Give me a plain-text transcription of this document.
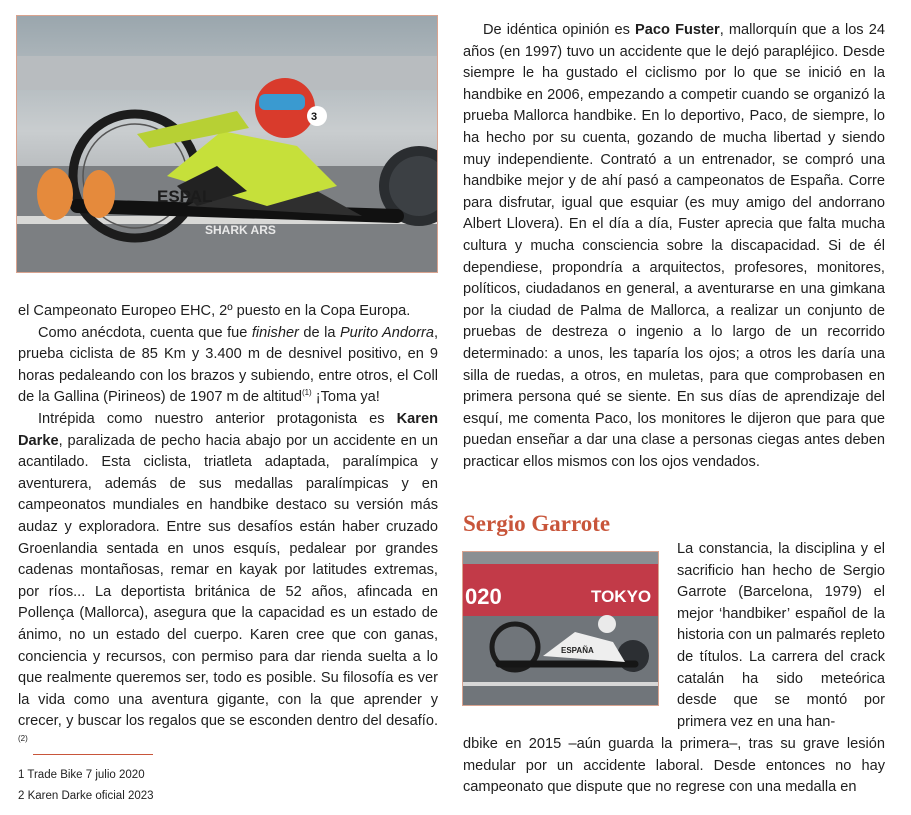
ESPAL
SHARK ARS
3

el Campeonato Europeo EHC, 2º puesto en la Copa Europa.

Como anécdota, cuenta que fue finisher de la Purito Andorra, prueba ciclista de 85 Km y 3.400 m de desnivel positivo, en 9 horas pedaleando con los brazos y subiendo, entre otros, el Coll de la Gallina (Pirineos) de 1907 m de altitud$^{(1)}$ ¡Toma ya!

Intrépida como nuestro anterior protagonista es Karen Darke, paralizada de pecho hacia abajo por un accidente en un acantilado. Esta ciclista, triatleta adaptada, paralímpica y aventurera, además de sus medallas paralímpicas y en campeonatos mundiales en handbike destaco su versión más audaz y exploradora. Entre sus desafíos están haber cruzado Groenlandia sentada en unos esquís, pedalear por grandes cadenas montañosas, remar en kayak por latitudes extremas, por ríos... La deportista británica de 52 años, afincada en Pollença (Mallorca), asegura que la capacidad es un estado de ánimo, no un estado del cuerpo. Karen cree que con ganas, conciencia y recursos, con permiso para dar rienda suelta a lo que realmente queremos ser, todo es posible. Su filosofía es ver la vida como una aventura gigante, con la que aprender y crecer, y buscar los regalos que se esconden dentro del desafío.$^{(2)}$

1 Trade Bike 7 julio 2020
2 Karen Darke oficial 2023

De idéntica opinión es Paco Fuster, mallorquín que a los 24 años (en 1997) tuvo un accidente que le dejó parapléjico. Desde siempre le ha gustado el ciclismo por lo que se inició en la handbike en 2006, empezando a competir cuando se organizó la prueba Mallorca handbike. En lo deportivo, Paco, de siempre, lo ha hecho por su cuenta, gozando de mucha libertad y siendo muy independiente. Contrató a un entrenador, se compró una handbike mejor y de ahí pasó a campeonatos de España. Corre para disfrutar, igual que esquiar (es muy amigo del andorrano Albert Llovera). En el día a día, Fuster aprecia que falta mucha cultura y mucha consciencia sobre la discapacidad. Si de él dependiese, propondría a arquitectos, profesores, monitores, políticos, ciudadanos en general, a aventurarse en una gimkana por la ciudad de Palma de Mallorca, a realizar un conjunto de pruebas de destreza o ingenio a lo largo de un recorrido determinado: a unos, les taparía los ojos; a otros les daría una silla de ruedas, a otros, en muletas, para que comprobasen en primera persona qué se siente. En sus días de aprendizaje del esquí, me comenta Paco, los monitores le dijeron que para que puedan enseñar a dar una clase a personas ciegas antes deben practicar ellos mismos con los ojos vendados.

Sergio Garrote
020	TOKYO
ESPAÑA

La constancia, la disciplina y el sacrificio han hecho de Sergio Garrote (Barcelona, 1979) el mejor ‘handbiker’ español de la historia con un palmarés repleto de títulos. La carrera del crack catalán ha sido meteórica desde que se montó por primera vez en una han-

dbike en 2015 –aún guarda la primera–, tras su grave lesión medular por un accidente laboral. Desde entonces no hay campeonato que dispute que no regrese con una medalla en
